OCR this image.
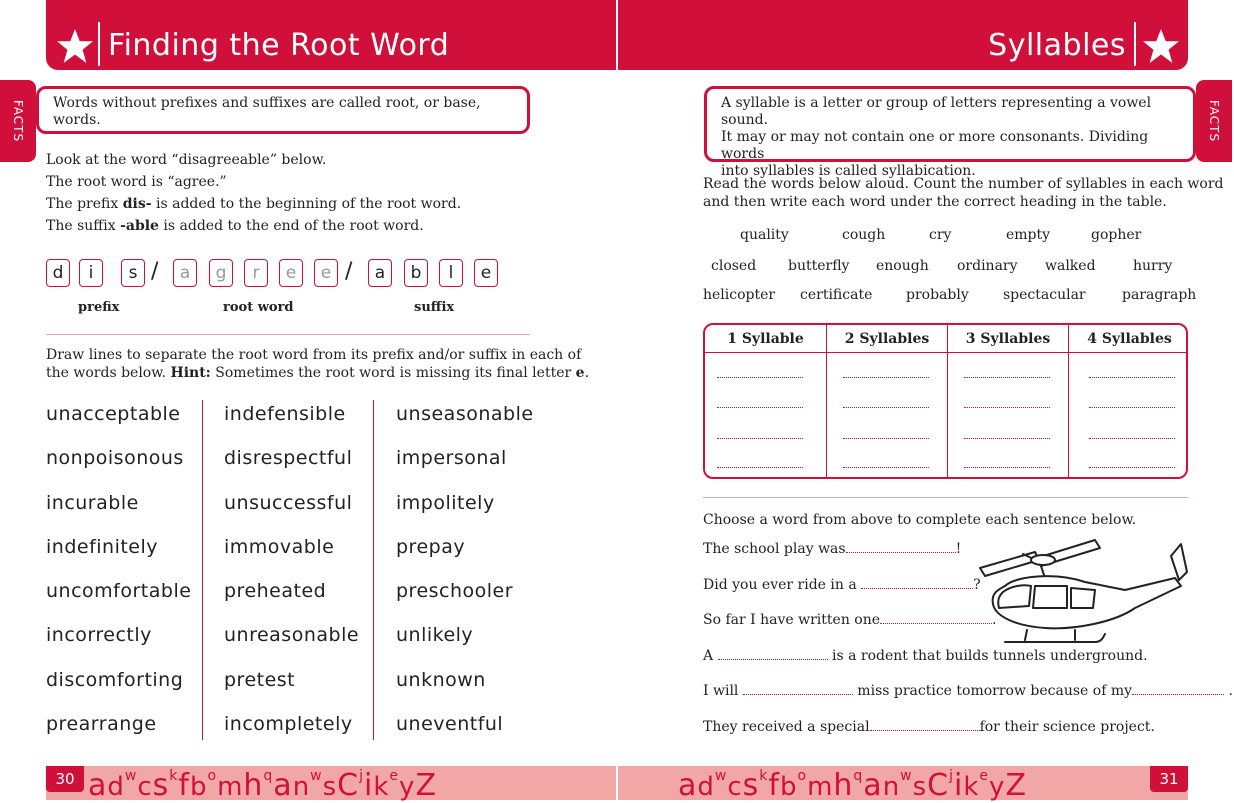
Finding the Root Word
FACTS Words without prefixes and suffixes are called root, or base, words.

Look at the word “disagreeable” below.

The root word is “agree.”

The prefix dis- is added to the beginning of the root word.

The suffix -able is added to the end of the root word.

d	i	s /	a	g	r	e	e /	a	b	l	e
prefix	root word	suffix
Draw lines to separate the root word from its prefix and/or suffix in each of
the words below. Hint: Sometimes the root word is missing its final letter e.
unacceptable
nonpoisonous
incurable
indefinitely
uncomfortable
incorrectly
discomforting
prearrange
indefensible
disrespectful
unsuccessful
immovable
preheated
unreasonable
pretest
incompletely
unseasonable
impersonal
impolitely
prepay
preschooler
unlikely
unknown
uneventful
30 $ad^wcs^kfb^omh^qan^wsC^jik^eyZ$
Syllables
FACTS
A syllable is a letter or group of letters representing a vowel sound.
It may or may not contain one or more consonants. Dividing words
into syllables is called syllabication.
Read the words below aloud. Count the number of syllables in each word
and then write each word under the correct heading in the table.
quality	cough	cry	empty	gopher
closed butterfly enough ordinary walked	hurry
helicopter certificate probably spectacular	paragraph
1 Syllable	2 Syllables	3 Syllables	4 Syllables
Choose a word from above to complete each sentence below.
The school play was	!
Did you ever ride in a	?
So far I have written one	.
A	is a rodent that builds tunnels underground.
I will	miss practice tomorrow because of my	.
They received a special	for their science project.
31
$ad^wcs^kfb^omh^qan^wsC^jik^eyZ$
